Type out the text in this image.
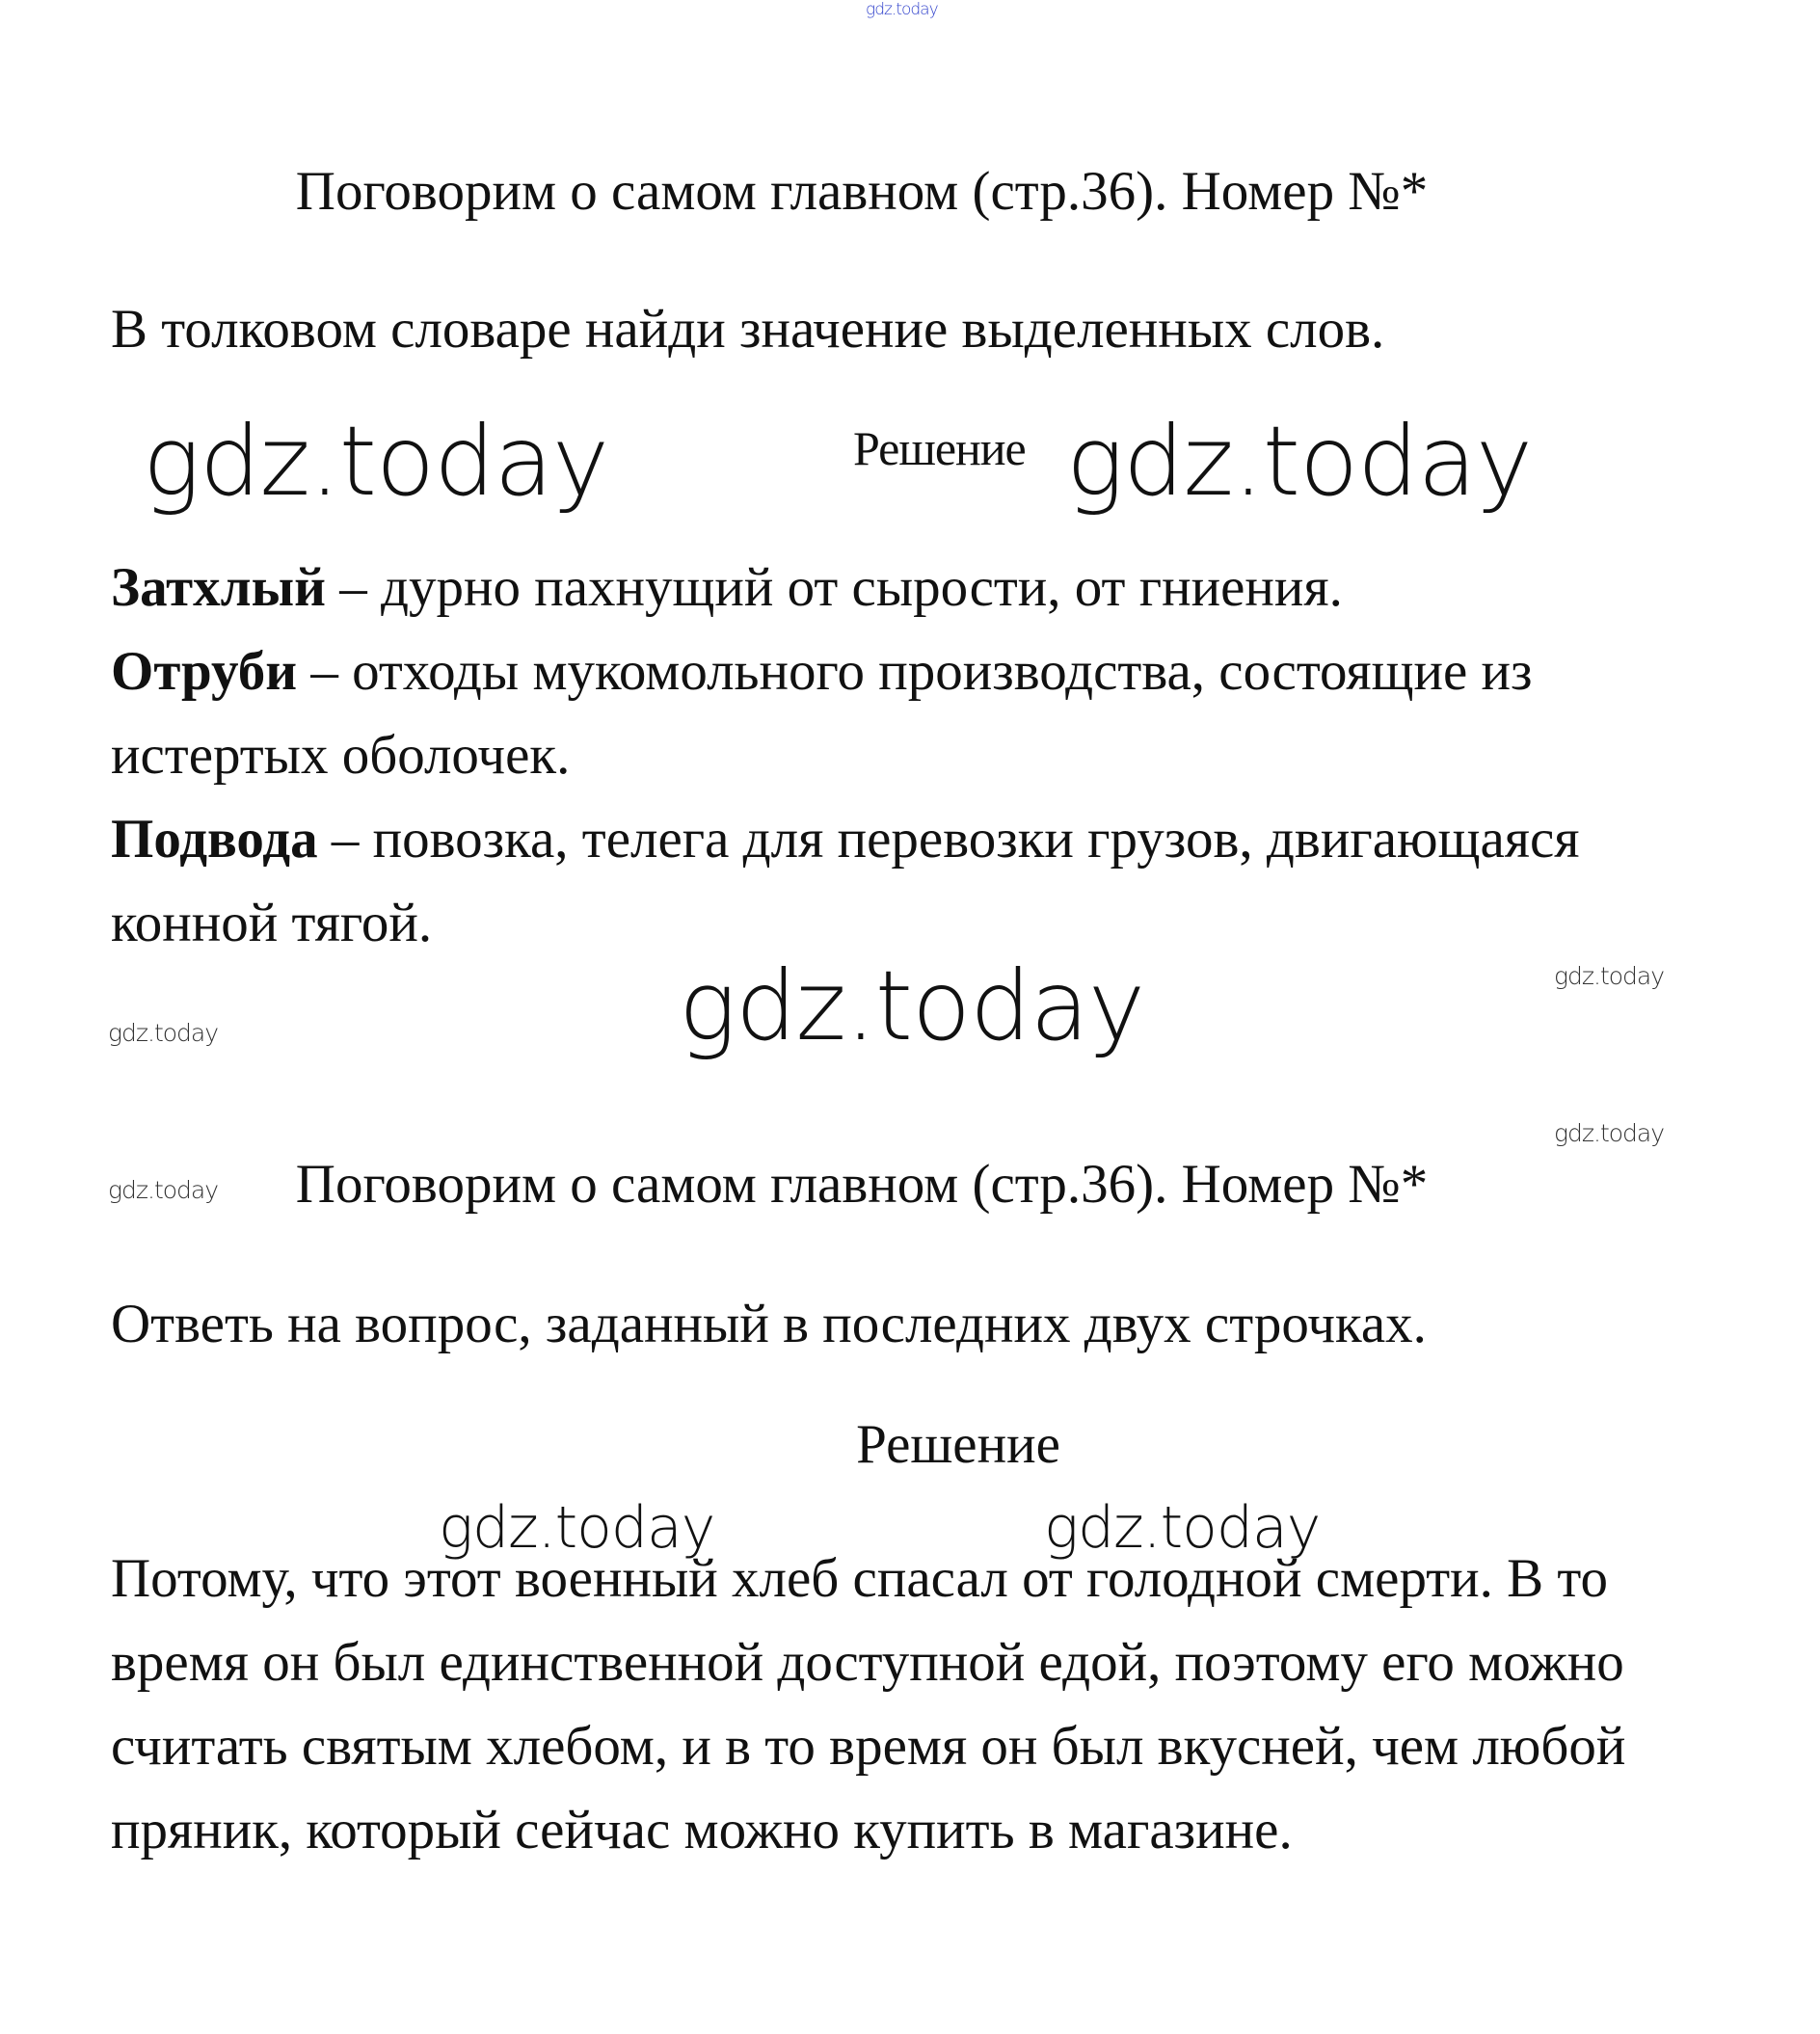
gdz.today
Поговорим о самом главном (стр.36). Номер №*
В толковом словаре найди значение выделенных слов.
gdz.today	Решение gdz.today
Затхлый – дурно пахнущий от сырости, от гниения.
Отруби – отходы мукомольного производства, состоящие из истертых оболочек.
Подвода – повозка, телега для перевозки грузов, двигающаяся конной тягой.
gdz.today	gdz.today
gdz.today
gdz.today
gdz.today	Поговорим о самом главном (стр.36). Номер №*
Ответь на вопрос, заданный в последних двух строчках.
Решение
gdz.today	gdz.today
Потому, что этот военный хлеб спасал от голодной смерти. В то время он был единственной доступной едой, поэтому его можно считать святым хлебом, и в то время он был вкусней, чем любой пряник, который сейчас можно купить в магазине.
